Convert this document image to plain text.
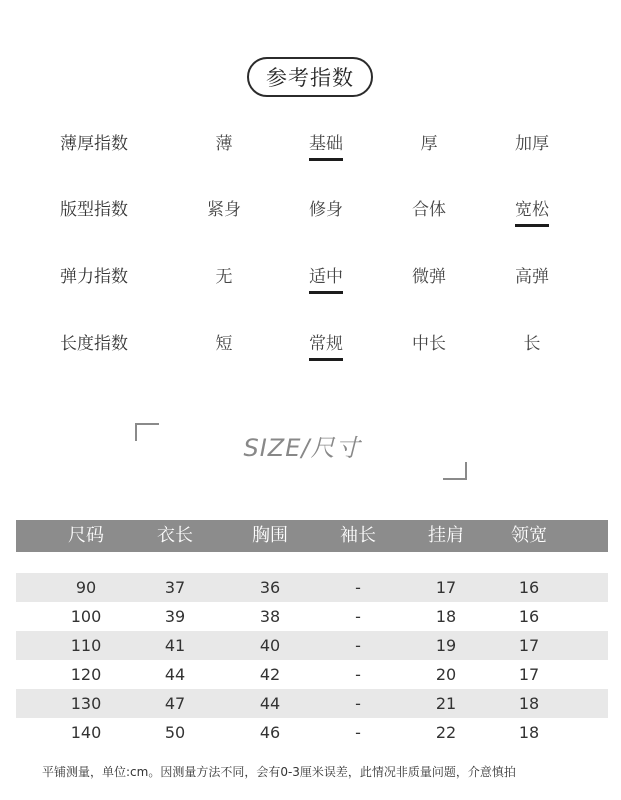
参考指数
薄厚指数	薄	基础	厚	加厚
版型指数	紧身	修身	合体	宽松
弹力指数	无	适中	微弹	高弹
长度指数	短	常规	中长	长
SIZE/尺寸
尺码	衣长	胸围	袖长	挂肩	领宽
90	37	36	-	17	16
100	39	38	-	18	16
110	41	40	-	19	17
120	44	42	-	20	17
130	47	44	-	21	18
140	50	46	-	22	18
平铺测量，单位:cm。因测量方法不同，会有0-3厘米误差，此情况非质量问题，介意慎拍
